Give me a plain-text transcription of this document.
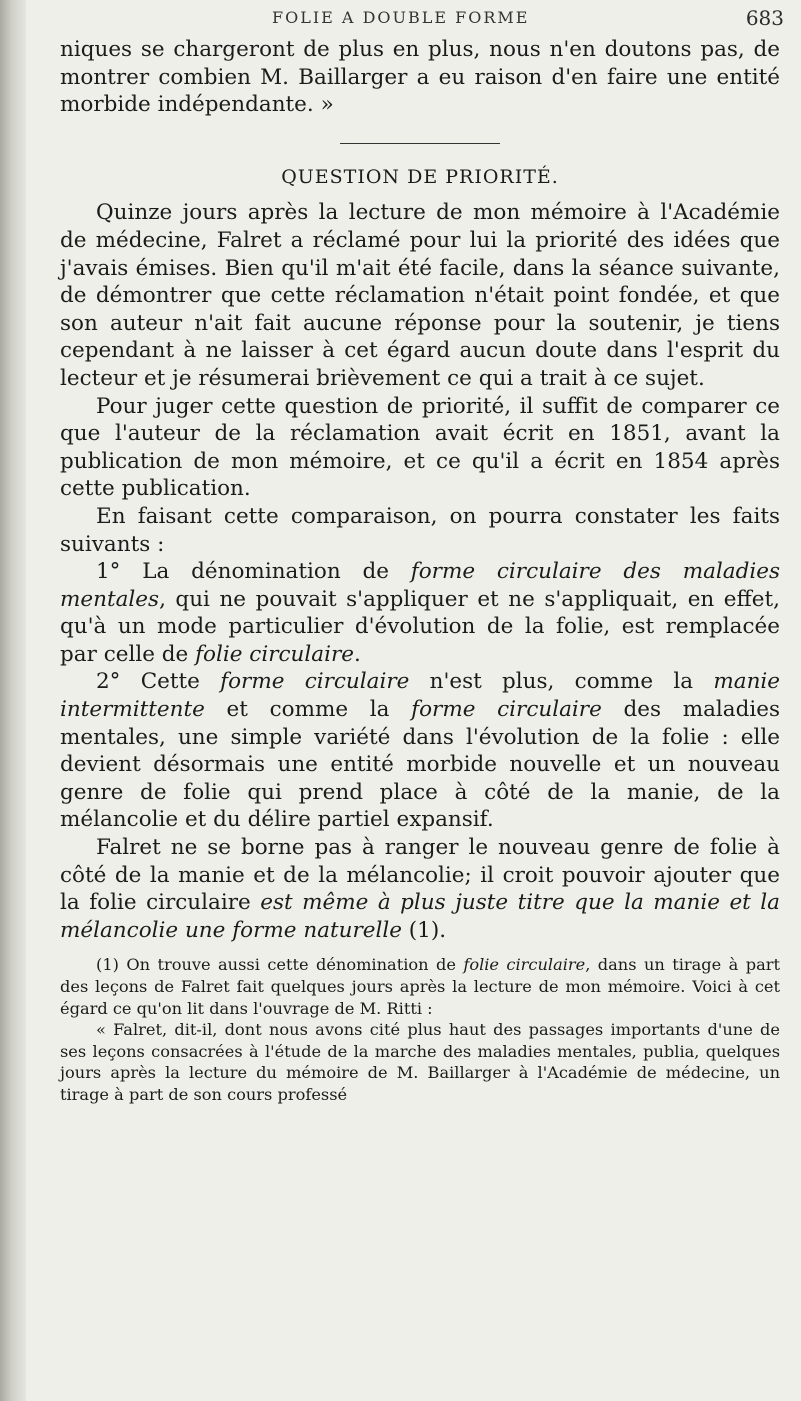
FOLIE A DOUBLE FORME	683

niques se chargeront de plus en plus, nous n'en doutons pas, de montrer combien M. Baillarger a eu raison d'en faire une entité morbide indépendante. »

QUESTION DE PRIORITÉ.

Quinze jours après la lecture de mon mémoire à l'Académie de médecine, Falret a réclamé pour lui la priorité des idées que j'avais émises. Bien qu'il m'ait été facile, dans la séance suivante, de démontrer que cette réclamation n'était point fondée, et que son auteur n'ait fait aucune réponse pour la soutenir, je tiens cependant à ne laisser à cet égard aucun doute dans l'esprit du lecteur et je résumerai brièvement ce qui a trait à ce sujet.

Pour juger cette question de priorité, il suffit de comparer ce que l'auteur de la réclamation avait écrit en 1851, avant la publication de mon mémoire, et ce qu'il a écrit en 1854 après cette publication.

En faisant cette comparaison, on pourra constater les faits suivants :

1° La dénomination de forme circulaire des maladies mentales, qui ne pouvait s'appliquer et ne s'appliquait, en effet, qu'à un mode particulier d'évolution de la folie, est remplacée par celle de folie circulaire.

2° Cette forme circulaire n'est plus, comme la manie intermittente et comme la forme circulaire des maladies mentales, une simple variété dans l'évolution de la folie : elle devient désormais une entité morbide nouvelle et un nouveau genre de folie qui prend place à côté de la manie, de la mélancolie et du délire partiel expansif.

Falret ne se borne pas à ranger le nouveau genre de folie à côté de la manie et de la mélancolie; il croit pouvoir ajouter que la folie circulaire est même à plus juste titre que la manie et la mélancolie une forme naturelle (1).

(1) On trouve aussi cette dénomination de folie circulaire, dans un tirage à part des leçons de Falret fait quelques jours après la lecture de mon mémoire. Voici à cet égard ce qu'on lit dans l'ouvrage de M. Ritti :

« Falret, dit-il, dont nous avons cité plus haut des passages importants d'une de ses leçons consacrées à l'étude de la marche des maladies mentales, publia, quelques jours après la lecture du mémoire de M. Baillarger à l'Académie de médecine, un tirage à part de son cours professé
